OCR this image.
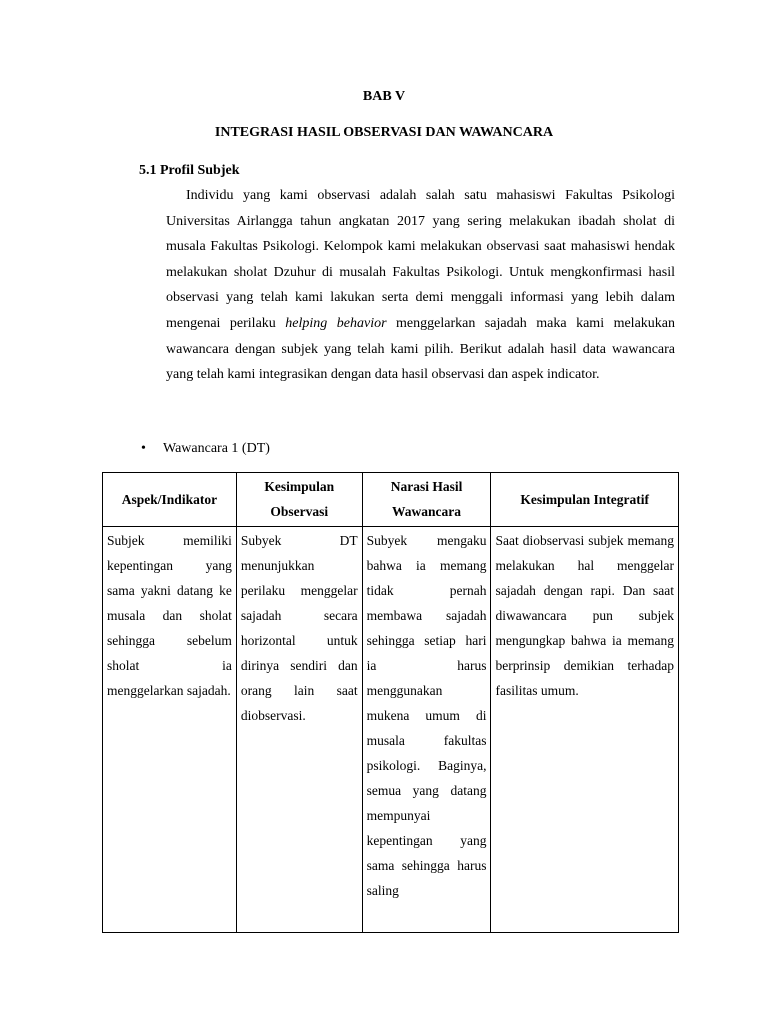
BAB V
INTEGRASI HASIL OBSERVASI DAN WAWANCARA
5.1 Profil Subjek
Individu yang kami observasi adalah salah satu mahasiswi Fakultas Psikologi Universitas Airlangga tahun angkatan 2017 yang sering melakukan ibadah sholat di musala Fakultas Psikologi. Kelompok kami melakukan observasi saat mahasiswi hendak melakukan sholat Dzuhur di musalah Fakultas Psikologi. Untuk mengkonfirmasi hasil observasi yang telah kami lakukan serta demi menggali informasi yang lebih dalam mengenai perilaku helping behavior menggelarkan sajadah maka kami melakukan wawancara dengan subjek yang telah kami pilih. Berikut adalah hasil data wawancara yang telah kami integrasikan dengan data hasil observasi dan aspek indicator.
• Wawancara 1 (DT)
Aspek/Indikator	Kesimpulan Observasi	Narasi Hasil Wawancara	Kesimpulan Integratif
Subjek memiliki kepentingan yang sama yakni datang ke musala dan sholat sehingga sebelum sholat ia menggelarkan sajadah.	Subyek DT menunjukkan perilaku menggelar sajadah secara horizontal untuk dirinya sendiri dan orang lain saat diobservasi.	Subyek mengaku bahwa ia memang tidak pernah membawa sajadah sehingga setiap hari ia harus menggunakan mukena umum di musala fakultas psikologi. Baginya, semua yang datang mempunyai kepentingan yang sama sehingga harus saling	Saat diobservasi subjek memang melakukan hal menggelar sajadah dengan rapi. Dan saat diwawancara pun subjek mengungkap bahwa ia memang berprinsip demikian terhadap fasilitas umum.
